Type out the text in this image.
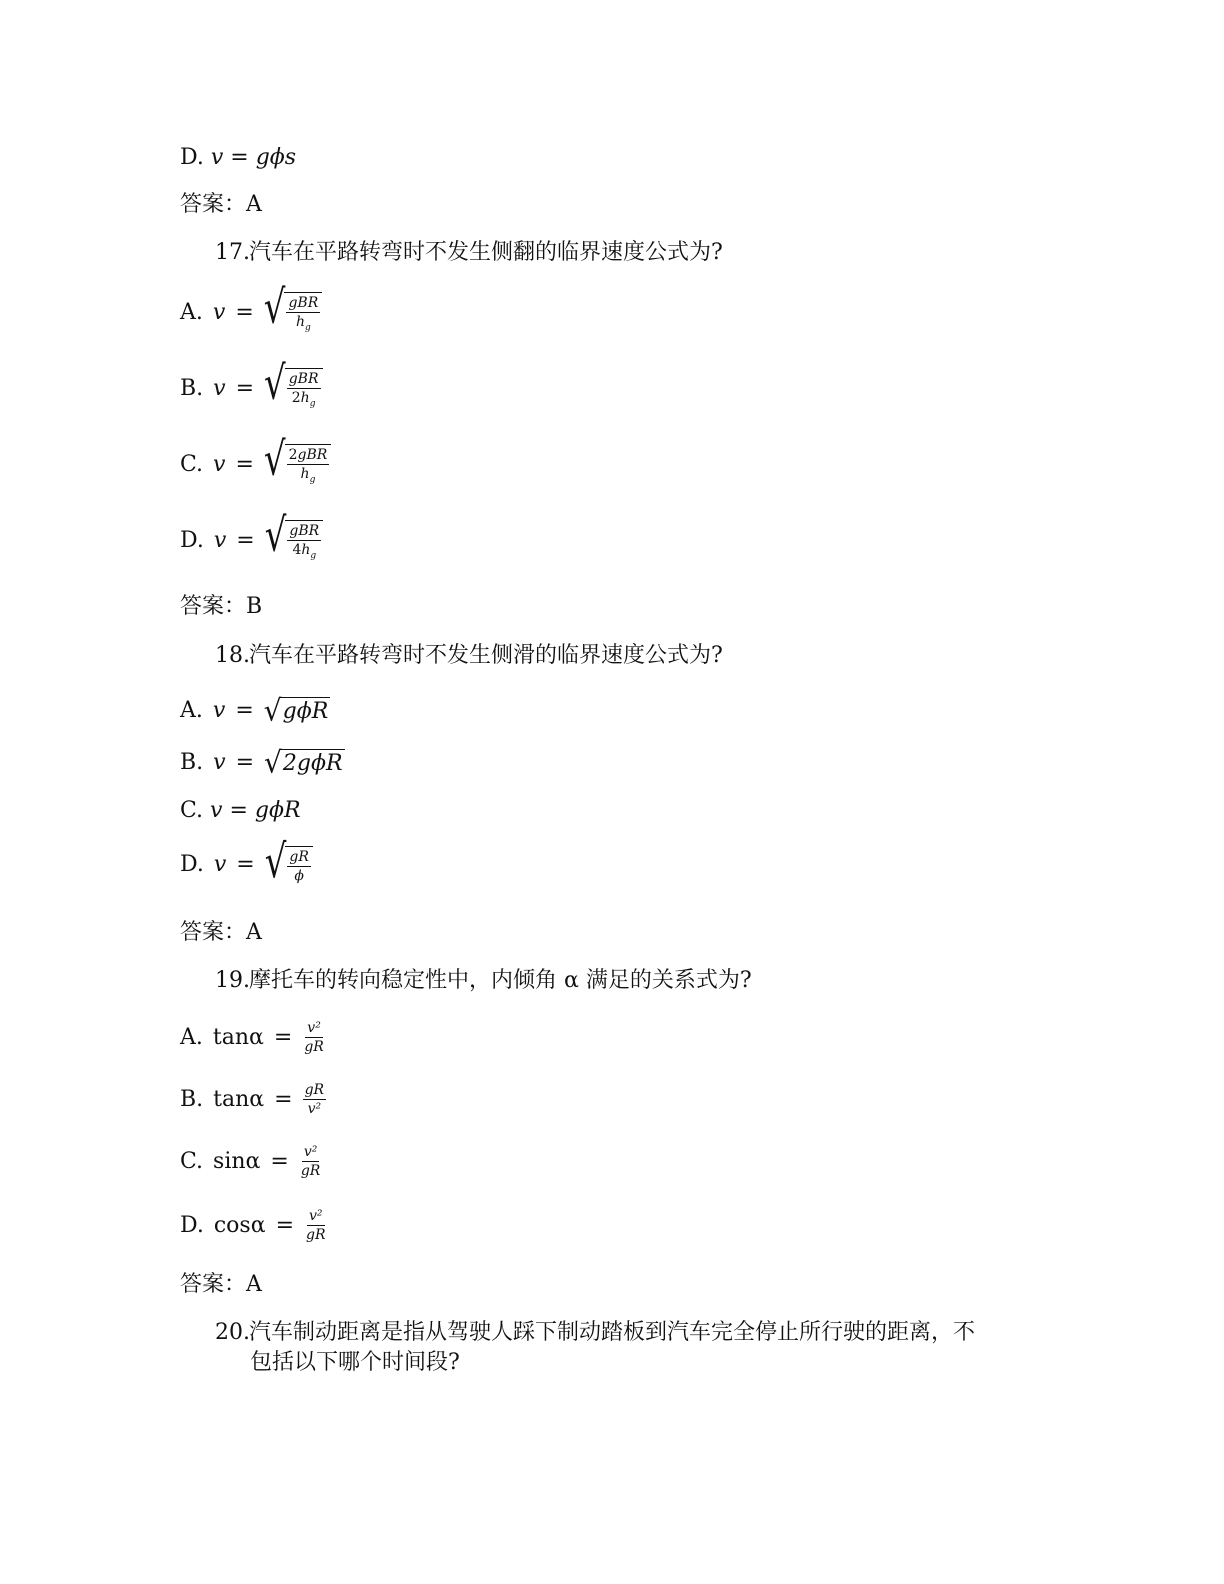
D. v = gϕs
答案：A
17.汽车在平路转弯时不发生侧翻的临界速度公式为?
A. v = √ $\frac{\text{gBR}}{h_g}$
B. v = √ $\frac{\text{gBR}}{2h_g}$
C. v = √ $\frac{\text{2gBR}}{h_g}$
D. v = √ $\frac{\text{gBR}}{4h_g}$
答案：B
18.汽车在平路转弯时不发生侧滑的临界速度公式为?
A. v = √ gϕR
B. v = √ 2gϕR
C. v = gϕR
D. v = √ $\frac{gR}{\phi}$
答案：A
19.摩托车的转向稳定性中，内倾角 α 满足的关系式为?
A. $\tan\alpha = \frac{\text{v²}}{gR}$
B. $\tan\alpha = \frac{gR}{\text{v²}}$
C. $\sin\alpha = \frac{\text{v²}}{gR}$
D. $\cos\alpha = \frac{\text{v²}}{gR}$
答案：A
20.汽车制动距离是指从驾驶人踩下制动踏板到汽车完全停止所行驶的距离，不
包括以下哪个时间段?
